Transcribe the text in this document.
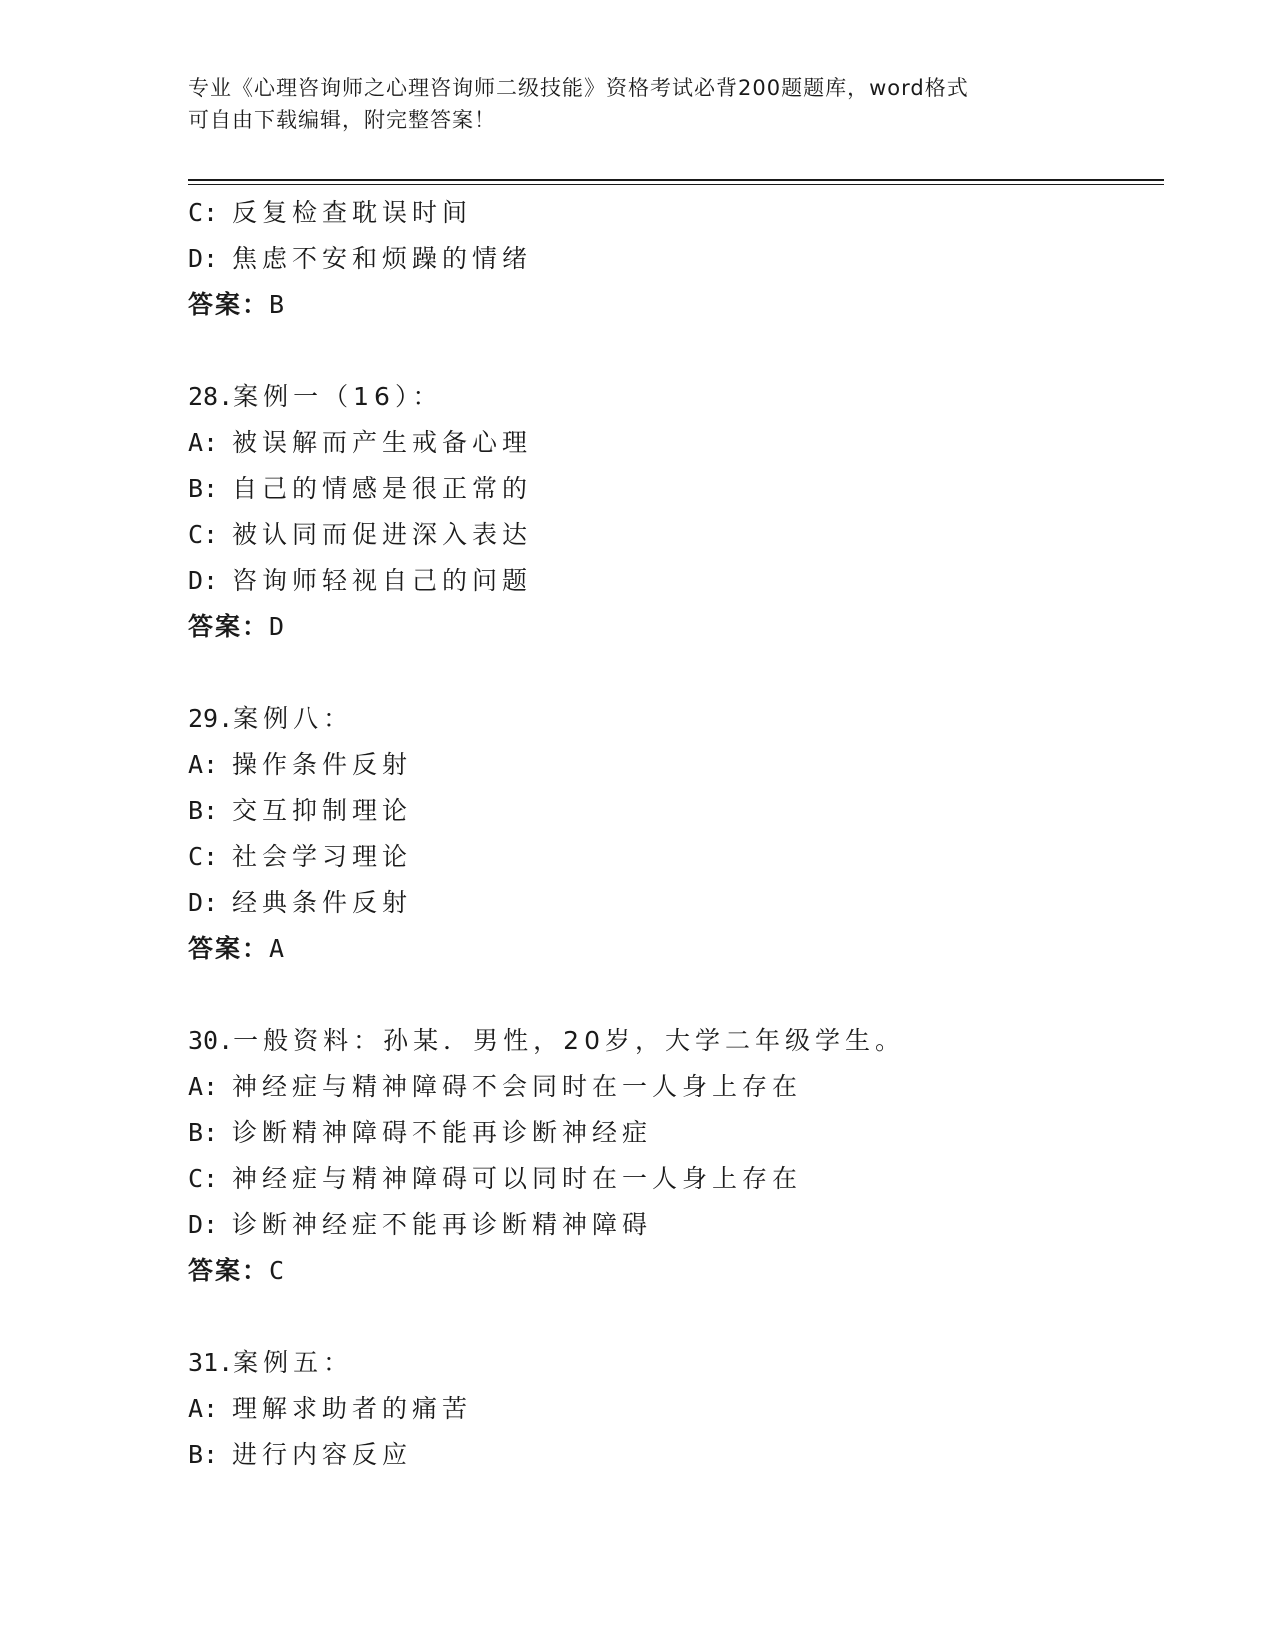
专业《心理咨询师之心理咨询师二级技能》资格考试必背200题题库，word格式
可自由下载编辑，附完整答案！
C: 反复检查耽误时间
D: 焦虑不安和烦躁的情绪
答案：B
28.案例一（16）：
A: 被误解而产生戒备心理
B: 自己的情感是很正常的
C: 被认同而促进深入表达
D: 咨询师轻视自己的问题
答案：D
29.案例八：
A: 操作条件反射
B: 交互抑制理论
C: 社会学习理论
D: 经典条件反射
答案：A
30.一般资料：孙某．男性，20岁，大学二年级学生。
A: 神经症与精神障碍不会同时在一人身上存在
B: 诊断精神障碍不能再诊断神经症
C: 神经症与精神障碍可以同时在一人身上存在
D: 诊断神经症不能再诊断精神障碍
答案：C
31.案例五：
A: 理解求助者的痛苦
B: 进行内容反应
